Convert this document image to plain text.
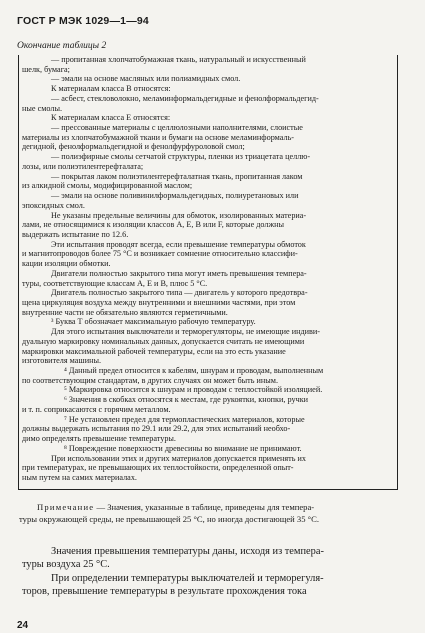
ГОСТ Р МЭК 1029—1—94
Окончание таблицы 2
— пропитанная хлопчатобумажная ткань, натуральный и искусственный
шелк, бумага;
— эмали на основе масляных или полиамидных смол.
К материалам класса В относятся:
— асбест, стекловолокно, меламинформальдегидные и фенолформальдегид-
ные смолы.
К материалам класса Е относятся:
— прессованные материалы с целлюлозными наполнителями, слоистые
материалы из хлопчатобумажной ткани и бумаги на основе меламинформаль-
дегидной, фенолформальдегидной и фенолфурфуроловой смол;
— полиэфирные смолы сетчатой структуры, пленки из триацетата целлю-
лозы, или полиэтилентерефталата;
— покрытая лаком полиэтилентерефталатная ткань, пропитанная лаком
из алкидной смолы, модифицированной маслом;
— эмали на основе поливинилформальдегидных, полиуретановых или
эпоксидных смол.
Не указаны предельные величины для обмоток, изолированных материа-
лами, не относящимися к изоляции классов А, Е, В или F, которые должны
выдержать испытание по 12.6.
Эти испытания проводят всегда, если превышение температуры обмоток
и магнитопроводов более 75 °С и возникает сомнение относительно классифи-
кации изоляции обмотки.
Двигатели полностью закрытого типа могут иметь превышения темпера-
туры, соответствующие классам А, Е и В, плюс 5 °С.
Двигатель полностью закрытого типа — двигатель у которого предотвра-
щена циркуляция воздуха между внутренними и внешними частями, при этом
внутренние части не обязательно являются герметичными.
³ Буква Т обозначает максимальную рабочую температуру.
Для этого испытания выключатели и терморегуляторы, не имеющие индиви-
дуальную маркировку номинальных данных, допускается считать не имеющими
маркировки максимальной рабочей температуры, если на это есть указание
изготовителя машины.
⁴ Данный предел относится к кабелям, шнурам и проводам, выполненным
по соответствующим стандартам, в других случаях он может быть иным.
⁵ Маркировка относится к шнурам и проводам с теплостойкой изоляцией.
⁶ Значения в скобках относятся к местам, где рукоятки, кнопки, ручки
и т. п. соприкасаются с горячим металлом.
⁷ Не установлен предел для термопластических материалов, которые
должны выдержать испытания по 29.1 или 29.2, для этих испытаний необхо-
димо определять превышение температуры.
⁸ Повреждение поверхности древесины во внимание не принимают.
При использовании этих и других материалов допускается применять их
при температурах, не превышающих их теплостойкости, определенной опыт-
ным путем на самих материалах.
Примечание — Значения, указанные в таблице, приведены для темпера-
туры окружающей среды, не превышающей 25 °С, но иногда достигающей 35 °С.
Значения превышения температуры даны, исходя из темпера-
туры воздуха 25 °С.
При определении температуры выключателей и терморегуля-
торов, превышение температуры в результате прохождения тока
24
